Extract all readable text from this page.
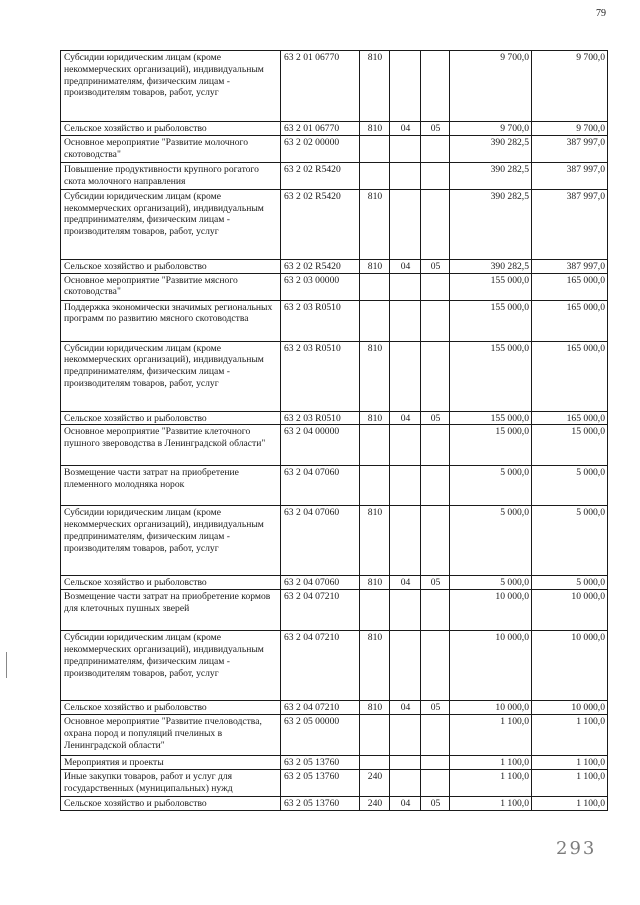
79
Субсидии юридическим лицам (кроме некоммерческих организаций), индивидуальным предпринимателям, физическим лицам - производителям товаров, работ, услуг	63 2 01 06770	810			9 700,0	9 700,0
Сельское хозяйство и рыболовство	63 2 01 06770	810	04	05	9 700,0	9 700,0
Основное мероприятие "Развитие молочного скотоводства"	63 2 02 00000				390 282,5	387 997,0
Повышение продуктивности крупного рогатого скота молочного направления	63 2 02 R5420				390 282,5	387 997,0
Субсидии юридическим лицам (кроме некоммерческих организаций), индивидуальным предпринимателям, физическим лицам - производителям товаров, работ, услуг	63 2 02 R5420	810			390 282,5	387 997,0
Сельское хозяйство и рыболовство	63 2 02 R5420	810	04	05	390 282,5	387 997,0
Основное мероприятие "Развитие мясного скотоводства"	63 2 03 00000				155 000,0	165 000,0
Поддержка экономически значимых региональных программ по развитию мясного скотоводства	63 2 03 R0510				155 000,0	165 000,0
Субсидии юридическим лицам (кроме некоммерческих организаций), индивидуальным предпринимателям, физическим лицам - производителям товаров, работ, услуг	63 2 03 R0510	810			155 000,0	165 000,0
Сельское хозяйство и рыболовство	63 2 03 R0510	810	04	05	155 000,0	165 000,0
Основное мероприятие "Развитие клеточного пушного звероводства в Ленинградской области"	63 2 04 00000				15 000,0	15 000,0
Возмещение части затрат на приобретение племенного молодняка норок	63 2 04 07060				5 000,0	5 000,0
Субсидии юридическим лицам (кроме некоммерческих организаций), индивидуальным предпринимателям, физическим лицам - производителям товаров, работ, услуг	63 2 04 07060	810			5 000,0	5 000,0
Сельское хозяйство и рыболовство	63 2 04 07060	810	04	05	5 000,0	5 000,0
Возмещение части затрат на приобретение кормов для клеточных пушных зверей	63 2 04 07210				10 000,0	10 000,0
Субсидии юридическим лицам (кроме некоммерческих организаций), индивидуальным предпринимателям, физическим лицам - производителям товаров, работ, услуг	63 2 04 07210	810			10 000,0	10 000,0
Сельское хозяйство и рыболовство	63 2 04 07210	810	04	05	10 000,0	10 000,0
Основное мероприятие "Развитие пчеловодства, охрана пород и популяций пчелиных в Ленинградской области"	63 2 05 00000				1 100,0	1 100,0
Мероприятия и проекты	63 2 05 13760				1 100,0	1 100,0
Иные закупки товаров, работ и услуг для государственных (муниципальных) нужд	63 2 05 13760	240			1 100,0	1 100,0
Сельское хозяйство и рыболовство	63 2 05 13760	240	04	05	1 100,0	1 100,0
293
